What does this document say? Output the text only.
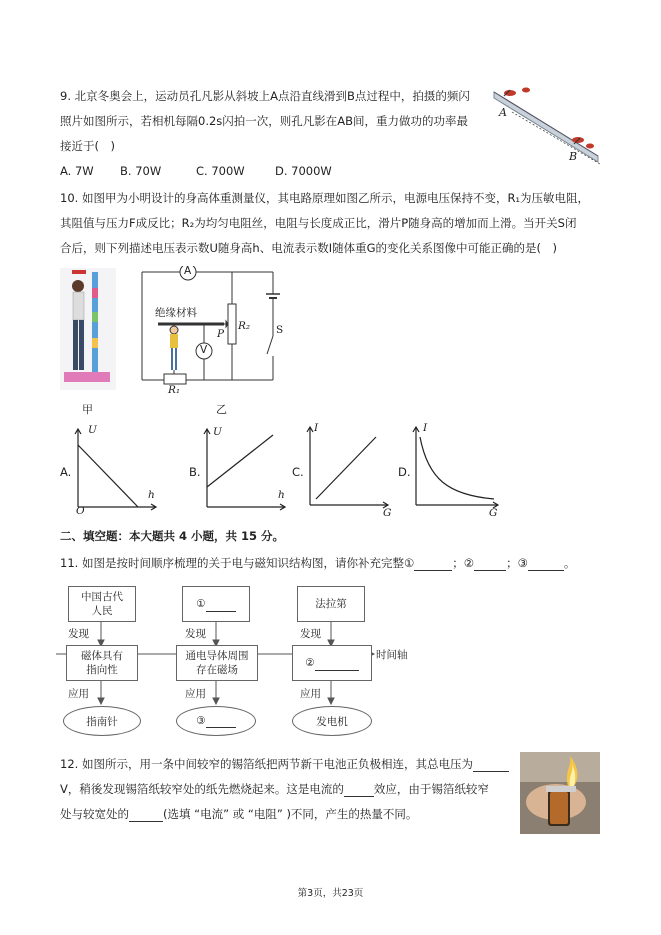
9. 北京冬奥会上，运动员孔凡影从斜坡上A点沿直线滑到B点过程中，拍摄的频闪
照片如图所示，若相机每隔0.2s闪拍一次，则孔凡影在AB间，重力做功的功率最
接近于(　)
A. 7W B. 70W	C. 700W	D. 7000W
A
B
10. 如图甲为小明设计的身高体重测量仪，其电路原理如图乙所示，电源电压保持不变，R₁为压敏电阻，
其阻值与压力F成反比；R₂为均匀电阻丝，电阻与长度成正比，滑片P随身高的增加而上滑。当开关S闭
合后，则下列描述电压表示数U随身高h、电流表示数I随体重G的变化关系图像中可能正确的是(　)
甲
A
V
绝缘材料
R₂
P	S
R₁
乙
A.
U
h
O
B.
U
h
C.
I
G
D.
I
G
二、填空题：本大题共 4 小题，共 15 分。
11. 如图是按时间顺序梳理的关于电与磁知识结构图，请你补充完整①	；②	；③	。
中国古代
人民
①	法拉第
发现	发现	发现
磁体具有
指向性
通电导体周围
存在磁场
②
时间轴
应用	应用	应用
指南针	③	发电机
12. 如图所示，用一条中间较窄的锡箔纸把两节新干电池正负极相连，其总电压为
V，稍後发现锡箔纸较窄处的纸先燃烧起来。这是电流的	效应，由于锡箔纸较窄
处与较宽处的	(选填 “电流” 或 “电阻” )不同，产生的热量不同。
第3页，共23页
